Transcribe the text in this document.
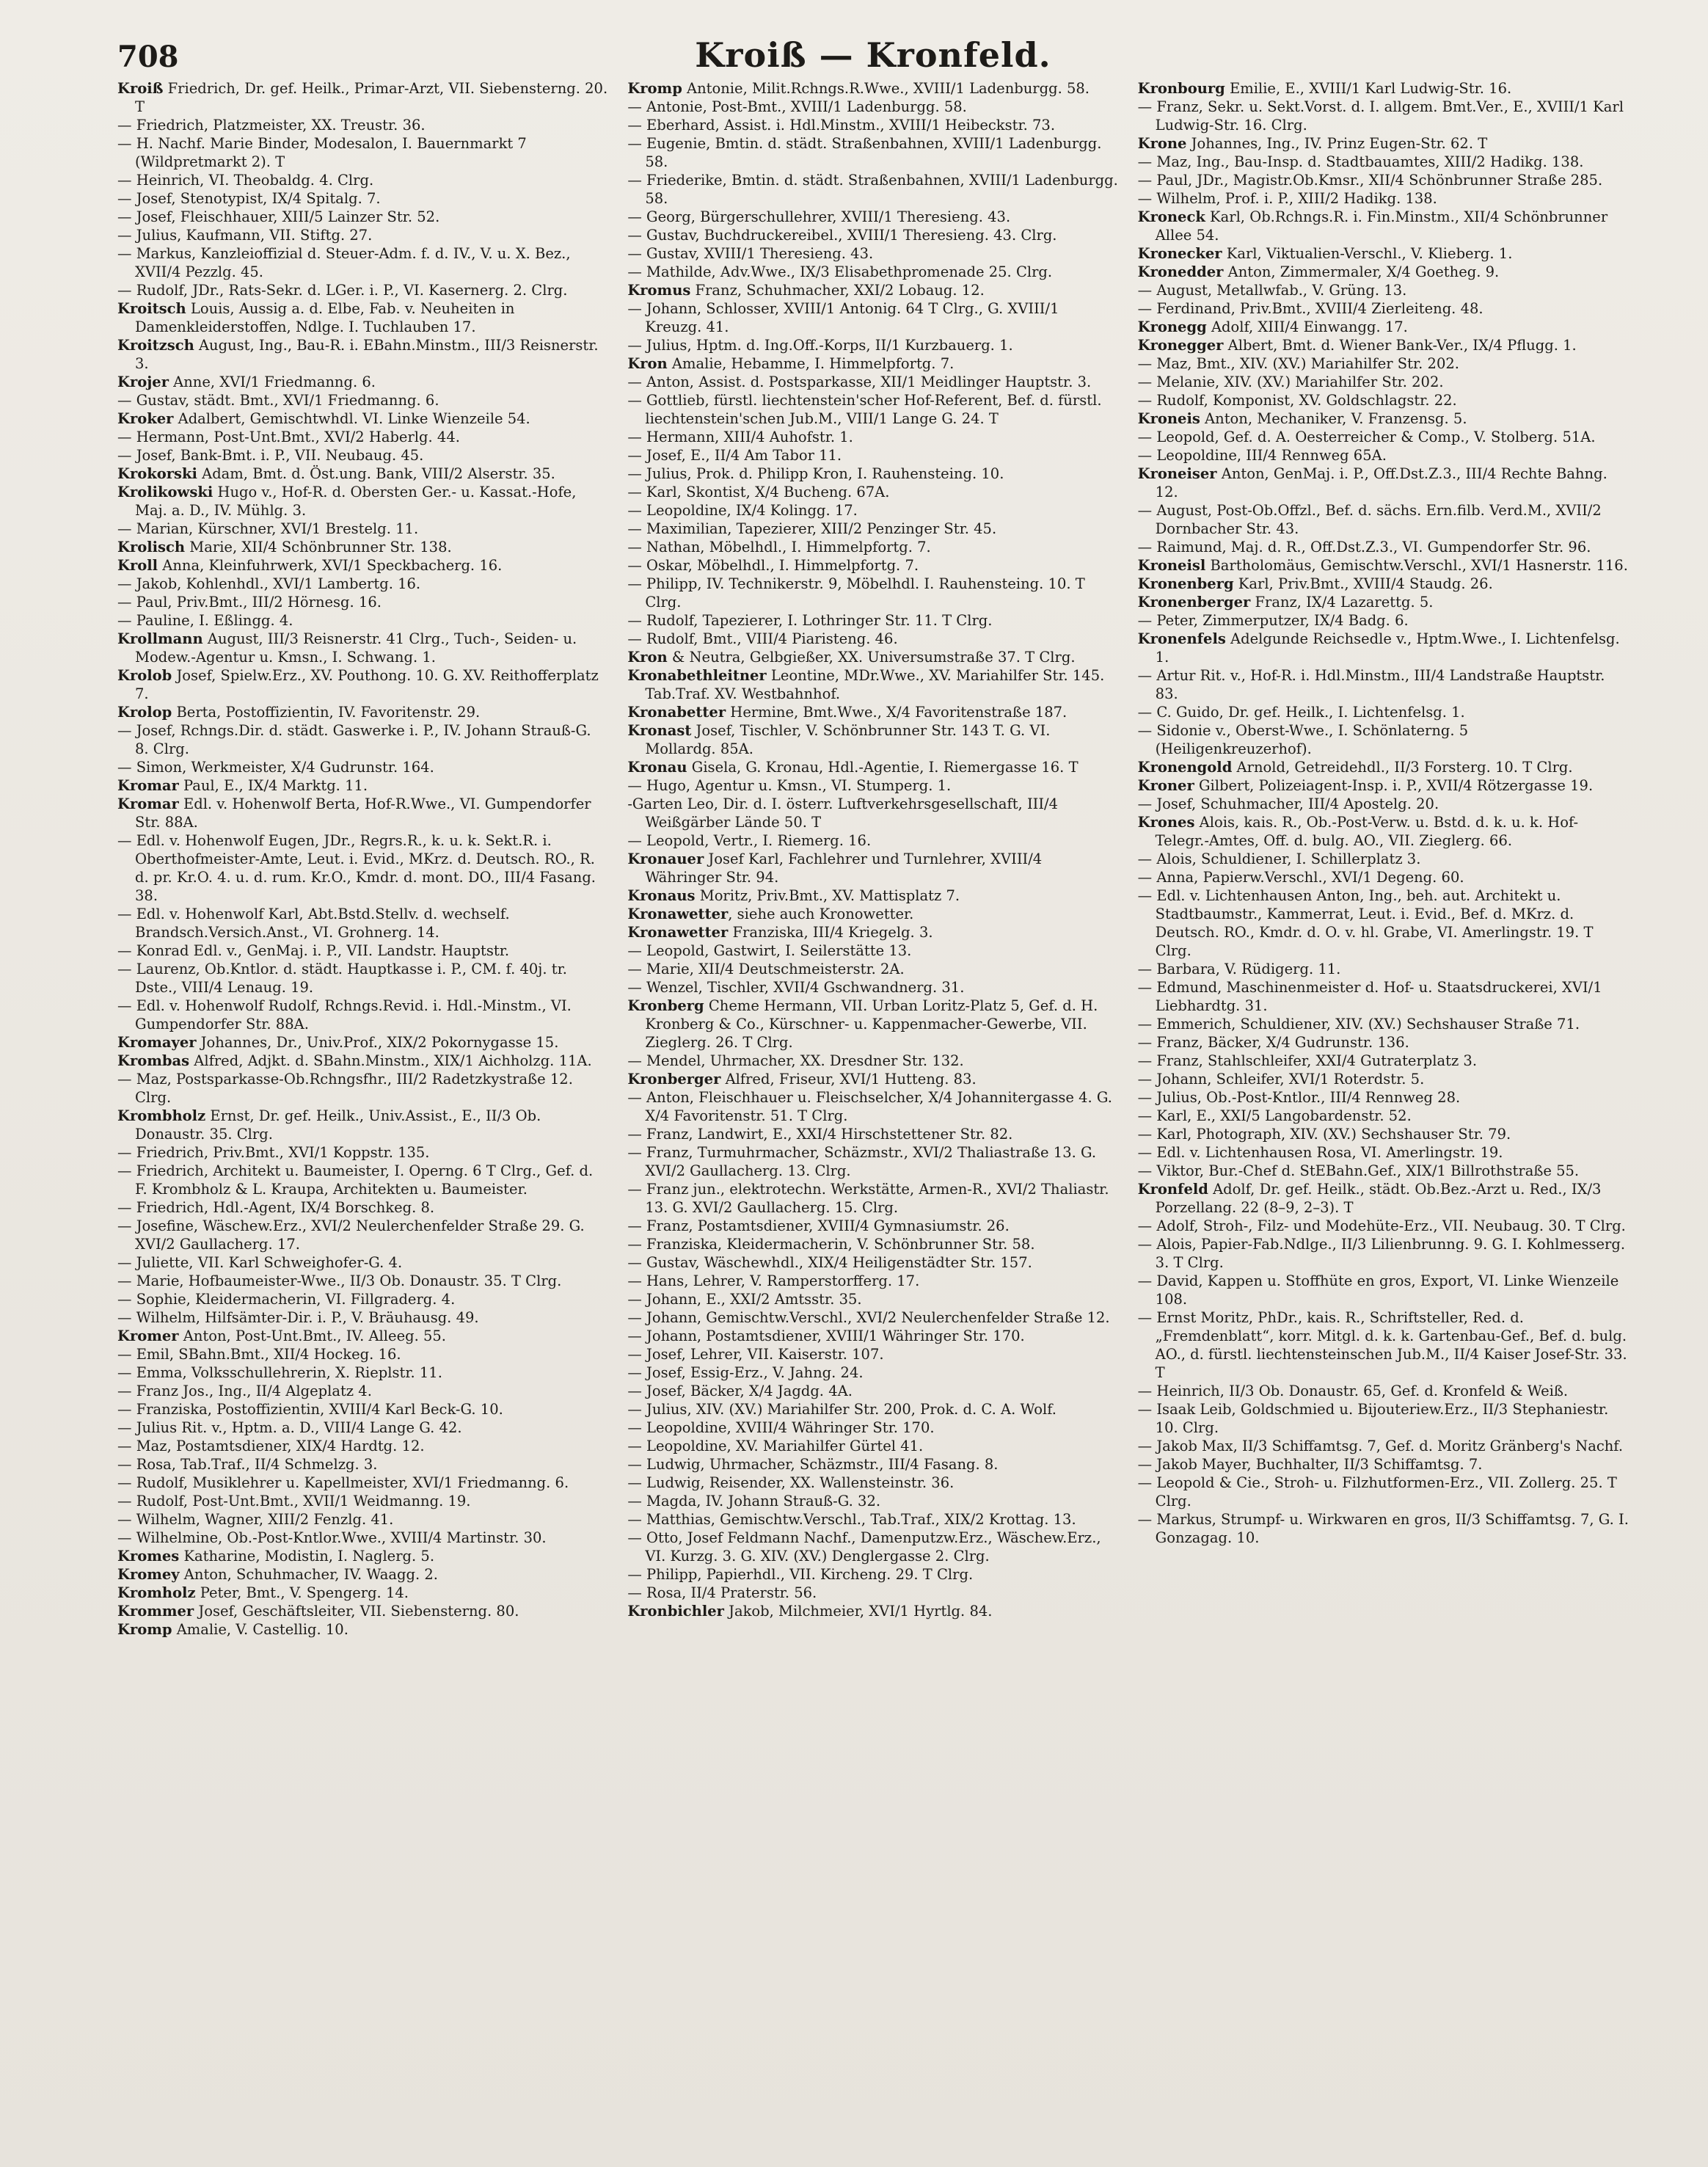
708	Kroiß — Kronfeld.

Kroiß Friedrich, Dr. gef. Heilk., Primar-Arzt, VII. Siebensterng. 20. T

— Friedrich, Platzmeister, XX. Treustr. 36.

— H. Nachf. Marie Binder, Modesalon, I. Bauernmarkt 7 (Wildpretmarkt 2). T

— Heinrich, VI. Theobaldg. 4. Clrg.

— Josef, Stenotypist, IX/4 Spitalg. 7.

— Josef, Fleischhauer, XIII/5 Lainzer Str. 52.

— Julius, Kaufmann, VII. Stiftg. 27.

— Markus, Kanzleioffizial d. Steuer-Adm. f. d. IV., V. u. X. Bez., XVII/4 Pezzlg. 45.

— Rudolf, JDr., Rats-Sekr. d. LGer. i. P., VI. Kasernerg. 2. Clrg.

Kroitsch Louis, Aussig a. d. Elbe, Fab. v. Neuheiten in Damenkleiderstoffen, Ndlge. I. Tuchlauben 17.

Kroitzsch August, Ing., Bau-R. i. EBahn.Minstm., III/3 Reisnerstr. 3.

Krojer Anne, XVI/1 Friedmanng. 6.

— Gustav, städt. Bmt., XVI/1 Friedmanng. 6.

Kroker Adalbert, Gemischtwhdl. VI. Linke Wienzeile 54.

— Hermann, Post-Unt.Bmt., XVI/2 Haberlg. 44.

— Josef, Bank-Bmt. i. P., VII. Neubaug. 45.

Krokorski Adam, Bmt. d. Öst.ung. Bank, VIII/2 Alserstr. 35.

Krolikowski Hugo v., Hof-R. d. Obersten Ger.- u. Kassat.-Hofe, Maj. a. D., IV. Mühlg. 3.

— Marian, Kürschner, XVI/1 Brestelg. 11.

Krolisch Marie, XII/4 Schönbrunner Str. 138.

Kroll Anna, Kleinfuhrwerk, XVI/1 Speckbacherg. 16.

— Jakob, Kohlenhdl., XVI/1 Lambertg. 16.

— Paul, Priv.Bmt., III/2 Hörnesg. 16.

— Pauline, I. Eßlingg. 4.

Krollmann August, III/3 Reisnerstr. 41 Clrg., Tuch-, Seiden- u. Modew.-Agentur u. Kmsn., I. Schwang. 1.

Krolob Josef, Spielw.Erz., XV. Pouthong. 10. G. XV. Reithofferplatz 7.

Krolop Berta, Postoffizientin, IV. Favoritenstr. 29.

— Josef, Rchngs.Dir. d. städt. Gaswerke i. P., IV. Johann Strauß-G. 8. Clrg.

— Simon, Werkmeister, X/4 Gudrunstr. 164.

Kromar Paul, E., IX/4 Marktg. 11.

Kromar Edl. v. Hohenwolf Berta, Hof-R.Wwe., VI. Gumpendorfer Str. 88A.

— Edl. v. Hohenwolf Eugen, JDr., Regrs.R., k. u. k. Sekt.R. i. Oberthofmeister-Amte, Leut. i. Evid., MKrz. d. Deutsch. RO., R. d. pr. Kr.O. 4. u. d. rum. Kr.O., Kmdr. d. mont. DO., III/4 Fasang. 38.

— Edl. v. Hohenwolf Karl, Abt.Bstd.Stellv. d. wechself. Brandsch.Versich.Anst., VI. Grohnerg. 14.

— Konrad Edl. v., GenMaj. i. P., VII. Landstr. Hauptstr.

— Laurenz, Ob.Kntlor. d. städt. Hauptkasse i. P., CM. f. 40j. tr. Dste., VIII/4 Lenaug. 19.

— Edl. v. Hohenwolf Rudolf, Rchngs.Revid. i. Hdl.-Minstm., VI. Gumpendorfer Str. 88A.

Kromayer Johannes, Dr., Univ.Prof., XIX/2 Pokornygasse 15.

Krombas Alfred, Adjkt. d. SBahn.Minstm., XIX/1 Aichholzg. 11A.

— Maz, Postsparkasse-Ob.Rchngsfhr., III/2 Radetzkystraße 12. Clrg.

Krombholz Ernst, Dr. gef. Heilk., Univ.Assist., E., II/3 Ob. Donaustr. 35. Clrg.

— Friedrich, Priv.Bmt., XVI/1 Koppstr. 135.

— Friedrich, Architekt u. Baumeister, I. Operng. 6 T Clrg., Gef. d. F. Krombholz & L. Kraupa, Architekten u. Baumeister.

— Friedrich, Hdl.-Agent, IX/4 Borschkeg. 8.

— Josefine, Wäschew.Erz., XVI/2 Neulerchenfelder Straße 29. G. XVI/2 Gaullacherg. 17.

— Juliette, VII. Karl Schweighofer-G. 4.

— Marie, Hofbaumeister-Wwe., II/3 Ob. Donaustr. 35. T Clrg.

— Sophie, Kleidermacherin, VI. Fillgraderg. 4.

— Wilhelm, Hilfsämter-Dir. i. P., V. Bräuhausg. 49.

Kromer Anton, Post-Unt.Bmt., IV. Alleeg. 55.

— Emil, SBahn.Bmt., XII/4 Hockeg. 16.

— Emma, Volksschullehrerin, X. Rieplstr. 11.

— Franz Jos., Ing., II/4 Algeplatz 4.

— Franziska, Postoffizientin, XVIII/4 Karl Beck-G. 10.

— Julius Rit. v., Hptm. a. D., VIII/4 Lange G. 42.

— Maz, Postamtsdiener, XIX/4 Hardtg. 12.

— Rosa, Tab.Traf., II/4 Schmelzg. 3.

— Rudolf, Musiklehrer u. Kapellmeister, XVI/1 Friedmanng. 6.

— Rudolf, Post-Unt.Bmt., XVII/1 Weidmanng. 19.

— Wilhelm, Wagner, XIII/2 Fenzlg. 41.

— Wilhelmine, Ob.-Post-Kntlor.Wwe., XVIII/4 Martinstr. 30.

Kromes Katharine, Modistin, I. Naglerg. 5.

Kromey Anton, Schuhmacher, IV. Waagg. 2.

Kromholz Peter, Bmt., V. Spengerg. 14.

Krommer Josef, Geschäftsleiter, VII. Siebensterng. 80.

Kromp Amalie, V. Castellig. 10.

Kromp Antonie, Milit.Rchngs.R.Wwe., XVIII/1 Ladenburgg. 58.

— Antonie, Post-Bmt., XVIII/1 Ladenburgg. 58.

— Eberhard, Assist. i. Hdl.Minstm., XVIII/1 Heibeckstr. 73.

— Eugenie, Bmtin. d. städt. Straßenbahnen, XVIII/1 Ladenburgg. 58.

— Friederike, Bmtin. d. städt. Straßenbahnen, XVIII/1 Ladenburgg. 58.

— Georg, Bürgerschullehrer, XVIII/1 Theresieng. 43.

— Gustav, Buchdruckereibel., XVIII/1 Theresieng. 43. Clrg.

— Gustav, XVIII/1 Theresieng. 43.

— Mathilde, Adv.Wwe., IX/3 Elisabethpromenade 25. Clrg.

Kromus Franz, Schuhmacher, XXI/2 Lobaug. 12.

— Johann, Schlosser, XVIII/1 Antonig. 64 T Clrg., G. XVIII/1 Kreuzg. 41.

— Julius, Hptm. d. Ing.Off.-Korps, II/1 Kurzbauerg. 1.

Kron Amalie, Hebamme, I. Himmelpfortg. 7.

— Anton, Assist. d. Postsparkasse, XII/1 Meidlinger Hauptstr. 3.

— Gottlieb, fürstl. liechtenstein'scher Hof-Referent, Bef. d. fürstl. liechtenstein'schen Jub.M., VIII/1 Lange G. 24. T

— Hermann, XIII/4 Auhofstr. 1.

— Josef, E., II/4 Am Tabor 11.

— Julius, Prok. d. Philipp Kron, I. Rauhensteing. 10.

— Karl, Skontist, X/4 Bucheng. 67A.

— Leopoldine, IX/4 Kolingg. 17.

— Maximilian, Tapezierer, XIII/2 Penzinger Str. 45.

— Nathan, Möbelhdl., I. Himmelpfortg. 7.

— Oskar, Möbelhdl., I. Himmelpfortg. 7.

— Philipp, IV. Technikerstr. 9, Möbelhdl. I. Rauhensteing. 10. T Clrg.

— Rudolf, Tapezierer, I. Lothringer Str. 11. T Clrg.

— Rudolf, Bmt., VIII/4 Piaristeng. 46.

Kron & Neutra, Gelbgießer, XX. Universumstraße 37. T Clrg.

Kronabethleitner Leontine, MDr.Wwe., XV. Mariahilfer Str. 145. Tab.Traf. XV. Westbahnhof.

Kronabetter Hermine, Bmt.Wwe., X/4 Favoritenstraße 187.

Kronast Josef, Tischler, V. Schönbrunner Str. 143 T. G. VI. Mollardg. 85A.

Kronau Gisela, G. Kronau, Hdl.-Agentie, I. Riemergasse 16. T

— Hugo, Agentur u. Kmsn., VI. Stumperg. 1.

-Garten Leo, Dir. d. I. österr. Luftverkehrsgesellschaft, III/4 Weißgärber Lände 50. T

— Leopold, Vertr., I. Riemerg. 16.

Kronauer Josef Karl, Fachlehrer und Turnlehrer, XVIII/4 Währinger Str. 94.

Kronaus Moritz, Priv.Bmt., XV. Mattisplatz 7.

Kronawetter, siehe auch Kronowetter.

Kronawetter Franziska, III/4 Kriegelg. 3.

— Leopold, Gastwirt, I. Seilerstätte 13.

— Marie, XII/4 Deutschmeisterstr. 2A.

— Wenzel, Tischler, XVII/4 Gschwandnerg. 31.

Kronberg Cheme Hermann, VII. Urban Loritz-Platz 5, Gef. d. H. Kronberg & Co., Kürschner- u. Kappenmacher-Gewerbe, VII. Zieglerg. 26. T Clrg.

— Mendel, Uhrmacher, XX. Dresdner Str. 132.

Kronberger Alfred, Friseur, XVI/1 Hutteng. 83.

— Anton, Fleischhauer u. Fleischselcher, X/4 Johannitergasse 4. G. X/4 Favoritenstr. 51. T Clrg.

— Franz, Landwirt, E., XXI/4 Hirschstettener Str. 82.

— Franz, Turmuhrmacher, Schäzmstr., XVI/2 Thaliastraße 13. G. XVI/2 Gaullacherg. 13. Clrg.

— Franz jun., elektrotechn. Werkstätte, Armen-R., XVI/2 Thaliastr. 13. G. XVI/2 Gaullacherg. 15. Clrg.

— Franz, Postamtsdiener, XVIII/4 Gymnasiumstr. 26.

— Franziska, Kleidermacherin, V. Schönbrunner Str. 58.

— Gustav, Wäschewhdl., XIX/4 Heiligenstädter Str. 157.

— Hans, Lehrer, V. Ramperstorfferg. 17.

— Johann, E., XXI/2 Amtsstr. 35.

— Johann, Gemischtw.Verschl., XVI/2 Neulerchenfelder Straße 12.

— Johann, Postamtsdiener, XVIII/1 Währinger Str. 170.

— Josef, Lehrer, VII. Kaiserstr. 107.

— Josef, Essig-Erz., V. Jahng. 24.

— Josef, Bäcker, X/4 Jagdg. 4A.

— Julius, XIV. (XV.) Mariahilfer Str. 200, Prok. d. C. A. Wolf.

— Leopoldine, XVIII/4 Währinger Str. 170.

— Leopoldine, XV. Mariahilfer Gürtel 41.

— Ludwig, Uhrmacher, Schäzmstr., III/4 Fasang. 8.

— Ludwig, Reisender, XX. Wallensteinstr. 36.

— Magda, IV. Johann Strauß-G. 32.

— Matthias, Gemischtw.Verschl., Tab.Traf., XIX/2 Krottag. 13.

— Otto, Josef Feldmann Nachf., Damenputzw.Erz., Wäschew.Erz., VI. Kurzg. 3. G. XIV. (XV.) Denglergasse 2. Clrg.

— Philipp, Papierhdl., VII. Kircheng. 29. T Clrg.

— Rosa, II/4 Praterstr. 56.

Kronbichler Jakob, Milchmeier, XVI/1 Hyrtlg. 84.

Kronbourg Emilie, E., XVIII/1 Karl Ludwig-Str. 16.

— Franz, Sekr. u. Sekt.Vorst. d. I. allgem. Bmt.Ver., E., XVIII/1 Karl Ludwig-Str. 16. Clrg.

Krone Johannes, Ing., IV. Prinz Eugen-Str. 62. T

— Maz, Ing., Bau-Insp. d. Stadtbauamtes, XIII/2 Hadikg. 138.

— Paul, JDr., Magistr.Ob.Kmsr., XII/4 Schönbrunner Straße 285.

— Wilhelm, Prof. i. P., XIII/2 Hadikg. 138.

Kroneck Karl, Ob.Rchngs.R. i. Fin.Minstm., XII/4 Schönbrunner Allee 54.

Kronecker Karl, Viktualien-Verschl., V. Klieberg. 1.

Kronedder Anton, Zimmermaler, X/4 Goetheg. 9.

— August, Metallwfab., V. Grüng. 13.

— Ferdinand, Priv.Bmt., XVIII/4 Zierleiteng. 48.

Kronegg Adolf, XIII/4 Einwangg. 17.

Kronegger Albert, Bmt. d. Wiener Bank-Ver., IX/4 Pflugg. 1.

— Maz, Bmt., XIV. (XV.) Mariahilfer Str. 202.

— Melanie, XIV. (XV.) Mariahilfer Str. 202.

— Rudolf, Komponist, XV. Goldschlagstr. 22.

Kroneis Anton, Mechaniker, V. Franzensg. 5.

— Leopold, Gef. d. A. Oesterreicher & Comp., V. Stolberg. 51A.

— Leopoldine, III/4 Rennweg 65A.

Kroneiser Anton, GenMaj. i. P., Off.Dst.Z.3., III/4 Rechte Bahng. 12.

— August, Post-Ob.Offzl., Bef. d. sächs. Ern.filb. Verd.M., XVII/2 Dornbacher Str. 43.

— Raimund, Maj. d. R., Off.Dst.Z.3., VI. Gumpendorfer Str. 96.

Kroneisl Bartholomäus, Gemischtw.Verschl., XVI/1 Hasnerstr. 116.

Kronenberg Karl, Priv.Bmt., XVIII/4 Staudg. 26.

Kronenberger Franz, IX/4 Lazarettg. 5.

— Peter, Zimmerputzer, IX/4 Badg. 6.

Kronenfels Adelgunde Reichsedle v., Hptm.Wwe., I. Lichtenfelsg. 1.

— Artur Rit. v., Hof-R. i. Hdl.Minstm., III/4 Landstraße Hauptstr. 83.

— C. Guido, Dr. gef. Heilk., I. Lichtenfelsg. 1.

— Sidonie v., Oberst-Wwe., I. Schönlaterng. 5 (Heiligenkreuzerhof).

Kronengold Arnold, Getreidehdl., II/3 Forsterg. 10. T Clrg.

Kroner Gilbert, Polizeiagent-Insp. i. P., XVII/4 Rötzergasse 19.

— Josef, Schuhmacher, III/4 Apostelg. 20.

Krones Alois, kais. R., Ob.-Post-Verw. u. Bstd. d. k. u. k. Hof-Telegr.-Amtes, Off. d. bulg. AO., VII. Zieglerg. 66.

— Alois, Schuldiener, I. Schillerplatz 3.

— Anna, Papierw.Verschl., XVI/1 Degeng. 60.

— Edl. v. Lichtenhausen Anton, Ing., beh. aut. Architekt u. Stadtbaumstr., Kammerrat, Leut. i. Evid., Bef. d. MKrz. d. Deutsch. RO., Kmdr. d. O. v. hl. Grabe, VI. Amerlingstr. 19. T Clrg.

— Barbara, V. Rüdigerg. 11.

— Edmund, Maschinenmeister d. Hof- u. Staatsdruckerei, XVI/1 Liebhardtg. 31.

— Emmerich, Schuldiener, XIV. (XV.) Sechshauser Straße 71.

— Franz, Bäcker, X/4 Gudrunstr. 136.

— Franz, Stahlschleifer, XXI/4 Gutraterplatz 3.

— Johann, Schleifer, XVI/1 Roterdstr. 5.

— Julius, Ob.-Post-Kntlor., III/4 Rennweg 28.

— Karl, E., XXI/5 Langobardenstr. 52.

— Karl, Photograph, XIV. (XV.) Sechshauser Str. 79.

— Edl. v. Lichtenhausen Rosa, VI. Amerlingstr. 19.

— Viktor, Bur.-Chef d. StEBahn.Gef., XIX/1 Billrothstraße 55.

Kronfeld Adolf, Dr. gef. Heilk., städt. Ob.Bez.-Arzt u. Red., IX/3 Porzellang. 22 (8–9, 2–3). T

— Adolf, Stroh-, Filz- und Modehüte-Erz., VII. Neubaug. 30. T Clrg.

— Alois, Papier-Fab.Ndlge., II/3 Lilienbrunng. 9. G. I. Kohlmesserg. 3. T Clrg.

— David, Kappen u. Stoffhüte en gros, Export, VI. Linke Wienzeile 108.

— Ernst Moritz, PhDr., kais. R., Schriftsteller, Red. d. „Fremdenblatt“, korr. Mitgl. d. k. k. Gartenbau-Gef., Bef. d. bulg. AO., d. fürstl. liechtensteinschen Jub.M., II/4 Kaiser Josef-Str. 33. T

— Heinrich, II/3 Ob. Donaustr. 65, Gef. d. Kronfeld & Weiß.

— Isaak Leib, Goldschmied u. Bijouteriew.Erz., II/3 Stephaniestr. 10. Clrg.

— Jakob Max, II/3 Schiffamtsg. 7, Gef. d. Moritz Gränberg's Nachf.

— Jakob Mayer, Buchhalter, II/3 Schiffamtsg. 7.

— Leopold & Cie., Stroh- u. Filzhutformen-Erz., VII. Zollerg. 25. T Clrg.

— Markus, Strumpf- u. Wirkwaren en gros, II/3 Schiffamtsg. 7, G. I. Gonzagag. 10.
